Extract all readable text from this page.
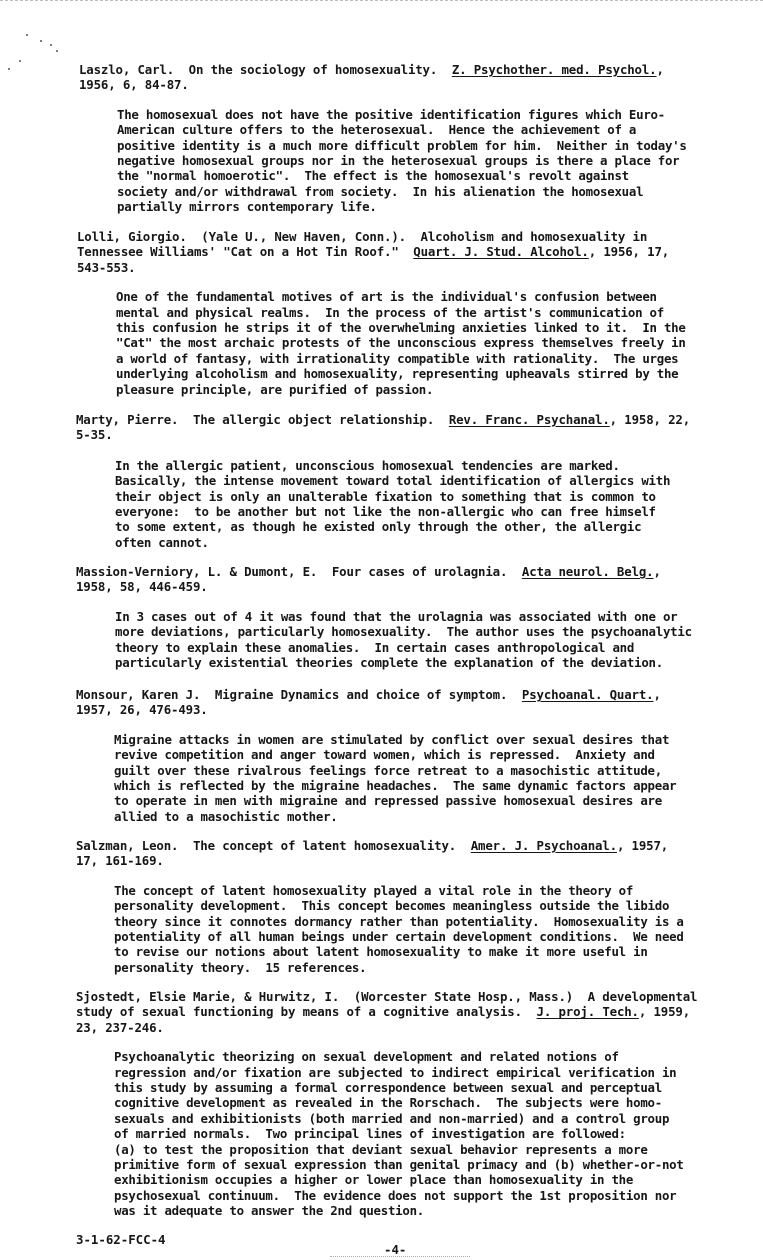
Laszlo, Carl.  On the sociology of homosexuality.  Z. Psychother. med. Psychol.,
1956, 6, 84-87.
The homosexual does not have the positive identification figures which Euro-
American culture offers to the heterosexual.  Hence the achievement of a
positive identity is a much more difficult problem for him.  Neither in today's
negative homosexual groups nor in the heterosexual groups is there a place for
the "normal homoerotic".  The effect is the homosexual's revolt against
society and/or withdrawal from society.  In his alienation the homosexual
partially mirrors contemporary life.
Lolli, Giorgio.  (Yale U., New Haven, Conn.).  Alcoholism and homosexuality in
Tennessee Williams' "Cat on a Hot Tin Roof."  Quart. J. Stud. Alcohol., 1956, 17,
543-553.
One of the fundamental motives of art is the individual's confusion between
mental and physical realms.  In the process of the artist's communication of
this confusion he strips it of the overwhelming anxieties linked to it.  In the
"Cat" the most archaic protests of the unconscious express themselves freely in
a world of fantasy, with irrationality compatible with rationality.  The urges
underlying alcoholism and homosexuality, representing upheavals stirred by the
pleasure principle, are purified of passion.
Marty, Pierre.  The allergic object relationship.  Rev. Franc. Psychanal., 1958, 22,
5-35.
In the allergic patient, unconscious homosexual tendencies are marked.
Basically, the intense movement toward total identification of allergics with
their object is only an unalterable fixation to something that is common to
everyone:  to be another but not like the non-allergic who can free himself
to some extent, as though he existed only through the other, the allergic
often cannot.
Massion-Verniory, L. & Dumont, E.  Four cases of urolagnia.  Acta neurol. Belg.,
1958, 58, 446-459.
In 3 cases out of 4 it was found that the urolagnia was associated with one or
more deviations, particularly homosexuality.  The author uses the psychoanalytic
theory to explain these anomalies.  In certain cases anthropological and
particularly existential theories complete the explanation of the deviation.
Monsour, Karen J.  Migraine Dynamics and choice of symptom.  Psychoanal. Quart.,
1957, 26, 476-493.
Migraine attacks in women are stimulated by conflict over sexual desires that
revive competition and anger toward women, which is repressed.  Anxiety and
guilt over these rivalrous feelings force retreat to a masochistic attitude,
which is reflected by the migraine headaches.  The same dynamic factors appear
to operate in men with migraine and repressed passive homosexual desires are
allied to a masochistic mother.
Salzman, Leon.  The concept of latent homosexuality.  Amer. J. Psychoanal., 1957,
17, 161-169.
The concept of latent homosexuality played a vital role in the theory of
personality development.  This concept becomes meaningless outside the libido
theory since it connotes dormancy rather than potentiality.  Homosexuality is a
potentiality of all human beings under certain development conditions.  We need
to revise our notions about latent homosexuality to make it more useful in
personality theory.  15 references.
Sjostedt, Elsie Marie, & Hurwitz, I.  (Worcester State Hosp., Mass.)  A developmental
study of sexual functioning by means of a cognitive analysis.  J. proj. Tech., 1959,
23, 237-246.
Psychoanalytic theorizing on sexual development and related notions of
regression and/or fixation are subjected to indirect empirical verification in
this study by assuming a formal correspondence between sexual and perceptual
cognitive development as revealed in the Rorschach.  The subjects were homo-
sexuals and exhibitionists (both married and non-married) and a control group
of married normals.  Two principal lines of investigation are followed:
(a) to test the proposition that deviant sexual behavior represents a more
primitive form of sexual expression than genital primacy and (b) whether-or-not
exhibitionism occupies a higher or lower place than homosexuality in the
psychosexual continuum.  The evidence does not support the 1st proposition nor
was it adequate to answer the 2nd question.
3-1-62-FCC-4
-4-
